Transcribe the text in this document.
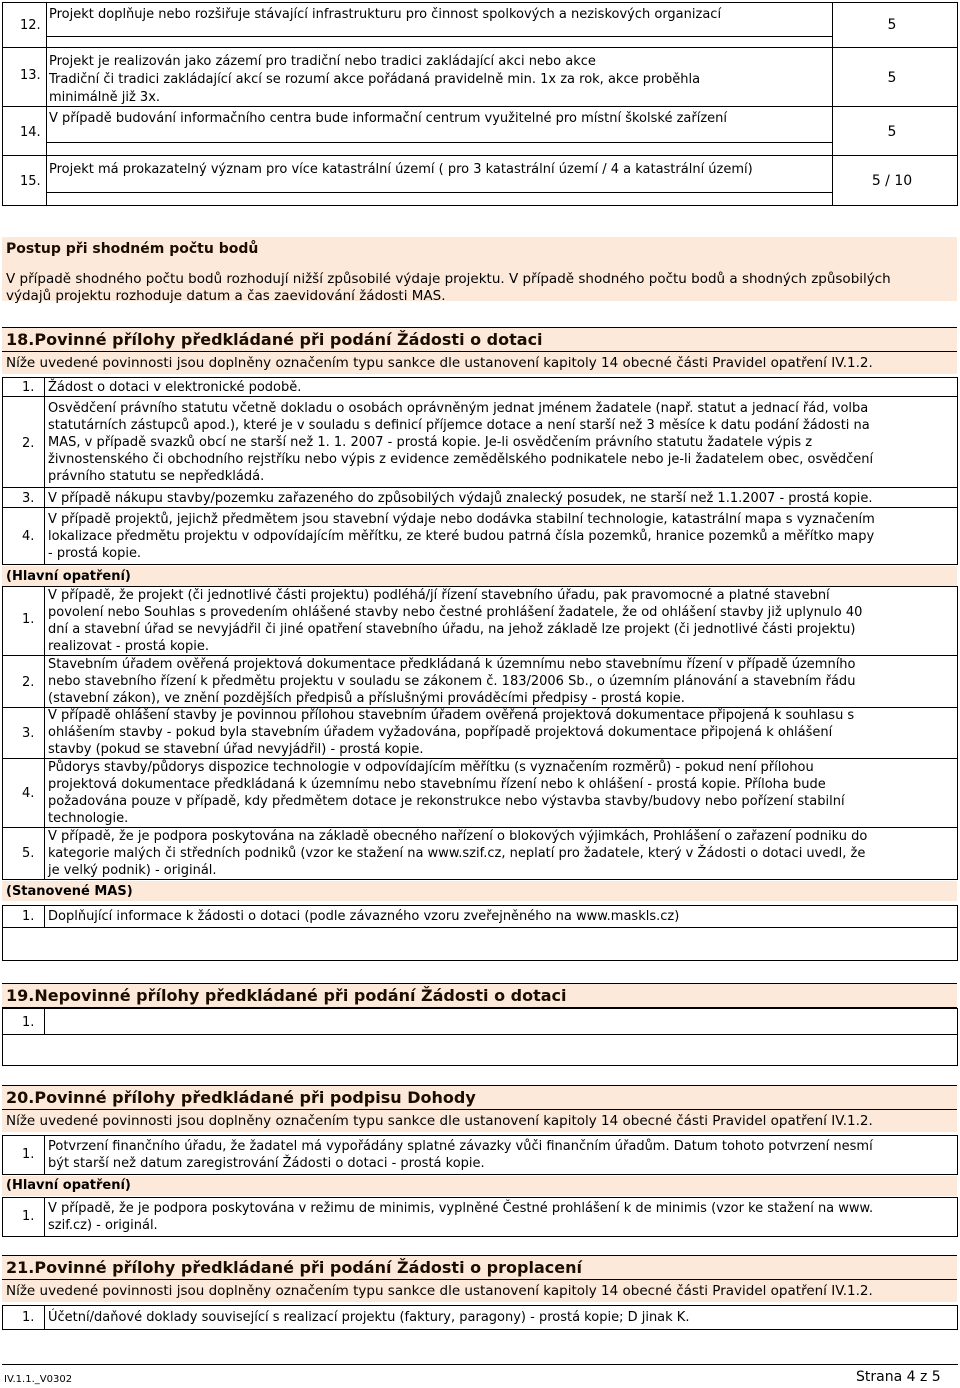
12.
Projekt doplňuje nebo rozšiřuje stávající infrastrukturu pro činnost spolkových a neziskových organizací
5
13.
Projekt je realizován jako zázemí pro tradiční nebo tradici zakládající akci nebo akce
Tradiční či tradici zakládající akcí se rozumí akce pořádaná pravidelně min. 1x za rok, akce proběhla
minimálně již 3x.
5
14.
V případě budování informačního centra bude informační centrum využitelné pro místní školské zařízení
5
15.
Projekt má prokazatelný význam pro více katastrální území ( pro 3 katastrální území / 4 a katastrální území)
5 / 10
Postup při shodném počtu bodů
V případě shodného počtu bodů rozhodují nižší způsobilé výdaje projektu. V případě shodného počtu bodů a shodných způsobilých
výdajů projektu rozhoduje datum a čas zaevidování žádosti MAS.
18.Povinné přílohy předkládané při podání Žádosti o dotaci
Níže uvedené povinnosti jsou doplněny označením typu sankce dle ustanovení kapitoly 14 obecné části Pravidel opatření IV.1.2.
1. Žádost o dotaci v elektronické podobě.
2.
Osvědčení právního statutu včetně dokladu o osobách oprávněným jednat jménem žadatele (např. statut a jednací řád, volba
statutárních zástupců apod.), které je v souladu s definicí příjemce dotace a není starší než 3 měsíce k datu podání žádosti na
MAS, v případě svazků obcí ne starší než 1. 1. 2007 - prostá kopie. Je-li osvědčením právního statutu žadatele výpis z
živnostenského či obchodního rejstříku nebo výpis z evidence zemědělského podnikatele nebo je-li žadatelem obec, osvědčení
právního statutu se nepředkládá.
3. V případě nákupu stavby/pozemku zařazeného do způsobilých výdajů znalecký posudek, ne starší než 1.1.2007 - prostá kopie.
4.
V případě projektů, jejichž předmětem jsou stavební výdaje nebo dodávka stabilní technologie, katastrální mapa s vyznačením
lokalizace předmětu projektu v odpovídajícím měřítku, ze které budou patrná čísla pozemků, hranice pozemků a měřítko mapy
- prostá kopie.
(Hlavní opatření)
1.
V případě, že projekt (či jednotlivé části projektu) podléhá/jí řízení stavebního úřadu, pak pravomocné a platné stavební
povolení nebo Souhlas s provedením ohlášené stavby nebo čestné prohlášení žadatele, že od ohlášení stavby již uplynulo 40
dní a stavební úřad se nevyjádřil či jiné opatření stavebního úřadu, na jehož základě lze projekt (či jednotlivé části projektu)
realizovat - prostá kopie.
2.
Stavebním úřadem ověřená projektová dokumentace předkládaná k územnímu nebo stavebnímu řízení v případě územního
nebo stavebního řízení k předmětu projektu v souladu se zákonem č. 183/2006 Sb., o územním plánování a stavebním řádu
(stavební zákon), ve znění pozdějších předpisů a příslušnými prováděcími předpisy - prostá kopie.
3.
V případě ohlášení stavby je povinnou přílohou stavebním úřadem ověřená projektová dokumentace připojená k souhlasu s
ohlášením stavby - pokud byla stavebním úřadem vyžadována, popřípadě projektová dokumentace připojená k ohlášení
stavby (pokud se stavební úřad nevyjádřil) - prostá kopie.
4.
Půdorys stavby/půdorys dispozice technologie v odpovídajícím měřítku (s vyznačením rozměrů) - pokud není přílohou
projektová dokumentace předkládaná k územnímu nebo stavebnímu řízení nebo k ohlášení - prostá kopie. Příloha bude
požadována pouze v případě, kdy předmětem dotace je rekonstrukce nebo výstavba stavby/budovy nebo pořízení stabilní
technologie.
5.
V případě, že je podpora poskytována na základě obecného nařízení o blokových výjimkách, Prohlášení o zařazení podniku do
kategorie malých či středních podniků (vzor ke stažení na www.szif.cz, neplatí pro žadatele, který v Žádosti o dotaci uvedl, že
je velký podnik) - originál.
(Stanovené MAS)
1. Doplňující informace k žádosti o dotaci (podle závazného vzoru zveřejněného na www.maskls.cz)
19.Nepovinné přílohy předkládané při podání Žádosti o dotaci
1.
20.Povinné přílohy předkládané při podpisu Dohody
Níže uvedené povinnosti jsou doplněny označením typu sankce dle ustanovení kapitoly 14 obecné části Pravidel opatření IV.1.2.
1.
Potvrzení finančního úřadu, že žadatel má vypořádány splatné závazky vůči finančním úřadům. Datum tohoto potvrzení nesmí
být starší než datum zaregistrování Žádosti o dotaci - prostá kopie.
(Hlavní opatření)
1.
V případě, že je podpora poskytována v režimu de minimis, vyplněné Čestné prohlášení k de minimis (vzor ke stažení na www.
szif.cz) - originál.
21.Povinné přílohy předkládané při podání Žádosti o proplacení
Níže uvedené povinnosti jsou doplněny označením typu sankce dle ustanovení kapitoly 14 obecné části Pravidel opatření IV.1.2.
1. Účetní/daňové doklady související s realizací projektu (faktury, paragony) - prostá kopie; D jinak K.
IV.1.1._V0302	Strana 4 z 5
